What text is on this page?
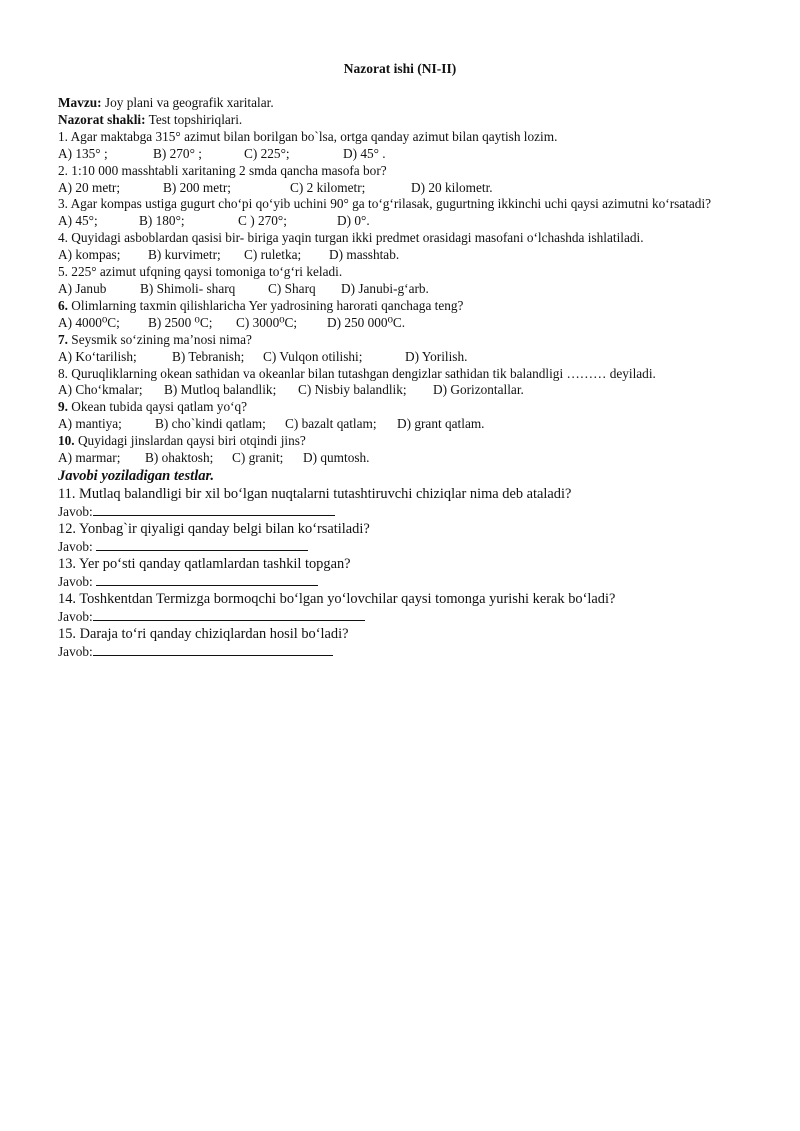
Nazorat ishi (NI-II)
Mavzu: Joy plani va geografik xaritalar.
Nazorat shakli: Test topshiriqlari.
1. Agar maktabga 315° azimut bilan borilgan bo`lsa, ortga qanday azimut bilan qaytish lozim.
A) 135° ;	B) 270° ;	C) 225°;	D) 45° .
2. 1:10 000 masshtabli xaritaning 2 smda qancha masofa bor?
A) 20 metr;	B) 200 metr;	C) 2 kilometr;	D) 20 kilometr.
3. Agar kompas ustiga gugurt cho‘pi qo‘yib uchini 90° ga to‘g‘rilasak, gugurtning ikkinchi uchi qaysi azimutni ko‘rsatadi?
A) 45°;	B) 180°;	C ) 270°;	D) 0°.
4. Quyidagi asboblardan qasisi bir- biriga yaqin turgan ikki predmet orasidagi masofani o‘lchashda ishlatiladi.
A) kompas; B) kurvimetr; C) ruletka; D) masshtab.
5. 225° azimut ufqning qaysi tomoniga to‘g‘ri keladi.
A) Janub	B) Shimoli- sharq C) Sharq D) Janubi-g‘arb.
6. Olimlarning taxmin qilishlaricha Yer yadrosining harorati qanchaga teng?
A) 4000⁰C; B) 2500 ⁰C; C) 3000⁰C; D) 250 000⁰C.
7. Seysmik so‘zining ma’nosi nima?
A) Ko‘tarilish;	B) Tebranish; C) Vulqon otilishi;	D) Yorilish.
8. Quruqliklarning okean sathidan va okeanlar bilan tutashgan dengizlar sathidan tik balandligi ……… deyiladi.
A) Cho‘kmalar; B) Mutloq balandlik; C) Nisbiy balandlik; D) Gorizontallar.
9. Okean tubida qaysi qatlam yo‘q?
A) mantiya; B) cho`kindi qatlam; C) bazalt qatlam; D) grant qatlam.
10. Quyidagi jinslardan qaysi biri otqindi jins?
A) marmar; B) ohaktosh; C) granit; D) qumtosh.
Javobi yoziladigan testlar.
11. Mutlaq balandligi bir xil bo‘lgan nuqtalarni tutashtiruvchi chiziqlar nima deb ataladi?
Javob:
12. Yonbag`ir qiyaligi qanday belgi bilan ko‘rsatiladi?
Javob:
13. Yer po‘sti qanday qatlamlardan tashkil topgan?
Javob:
14. Toshkentdan Termizga bormoqchi bo‘lgan yo‘lovchilar qaysi tomonga yurishi kerak bo‘ladi?
Javob:
15. Daraja to‘ri qanday chiziqlardan hosil bo‘ladi?
Javob:
